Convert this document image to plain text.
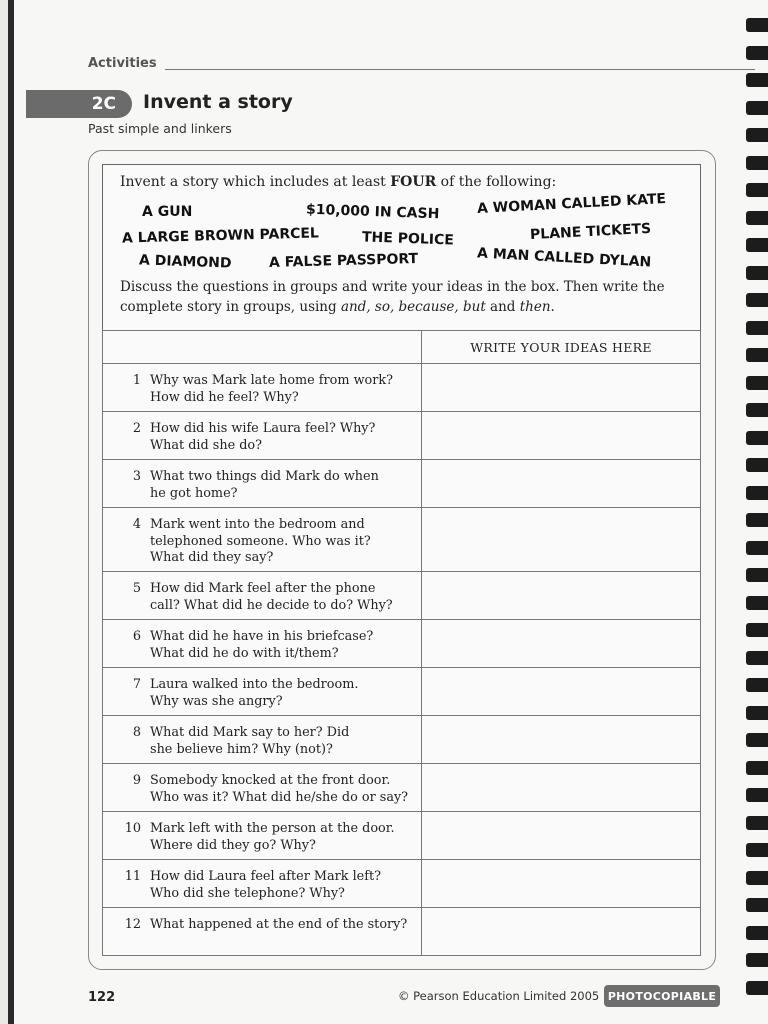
Activities
2C	Invent a story
Past simple and linkers
Invent a story which includes at least FOUR of the following:
A GUN	$10,000 IN CASH	A WOMAN CALLED KATE
A LARGE BROWN PARCEL	THE POLICE	PLANE TICKETS
A DIAMOND	A FALSE PASSPORT	A MAN CALLED DYLAN
Discuss the questions in groups and write your ideas in the box. Then write the complete story in groups, using and, so, because, but and then.
	WRITE YOUR IDEAS HERE

1 Why was Mark late home from work?
How did he feel? Why?	

2 How did his wife Laura feel? Why?
What did she do?	

3 What two things did Mark do when
he got home?	

4 Mark went into the bedroom and
telephoned someone. Who was it?
What did they say?	

5 How did Mark feel after the phone
call? What did he decide to do? Why?	

6 What did he have in his briefcase?
What did he do with it/them?	

7 Laura walked into the bedroom.
Why was she angry?	

8 What did Mark say to her? Did
she believe him? Why (not)?	

9 Somebody knocked at the front door.
Who was it? What did he/she do or say?	

10 Mark left with the person at the door.
Where did they go? Why?	

11 How did Laura feel after Mark left?
Who did she telephone? Why?	

12 What happened at the end of the story?	

122	© Pearson Education Limited 2005 PHOTOCOPIABLE
